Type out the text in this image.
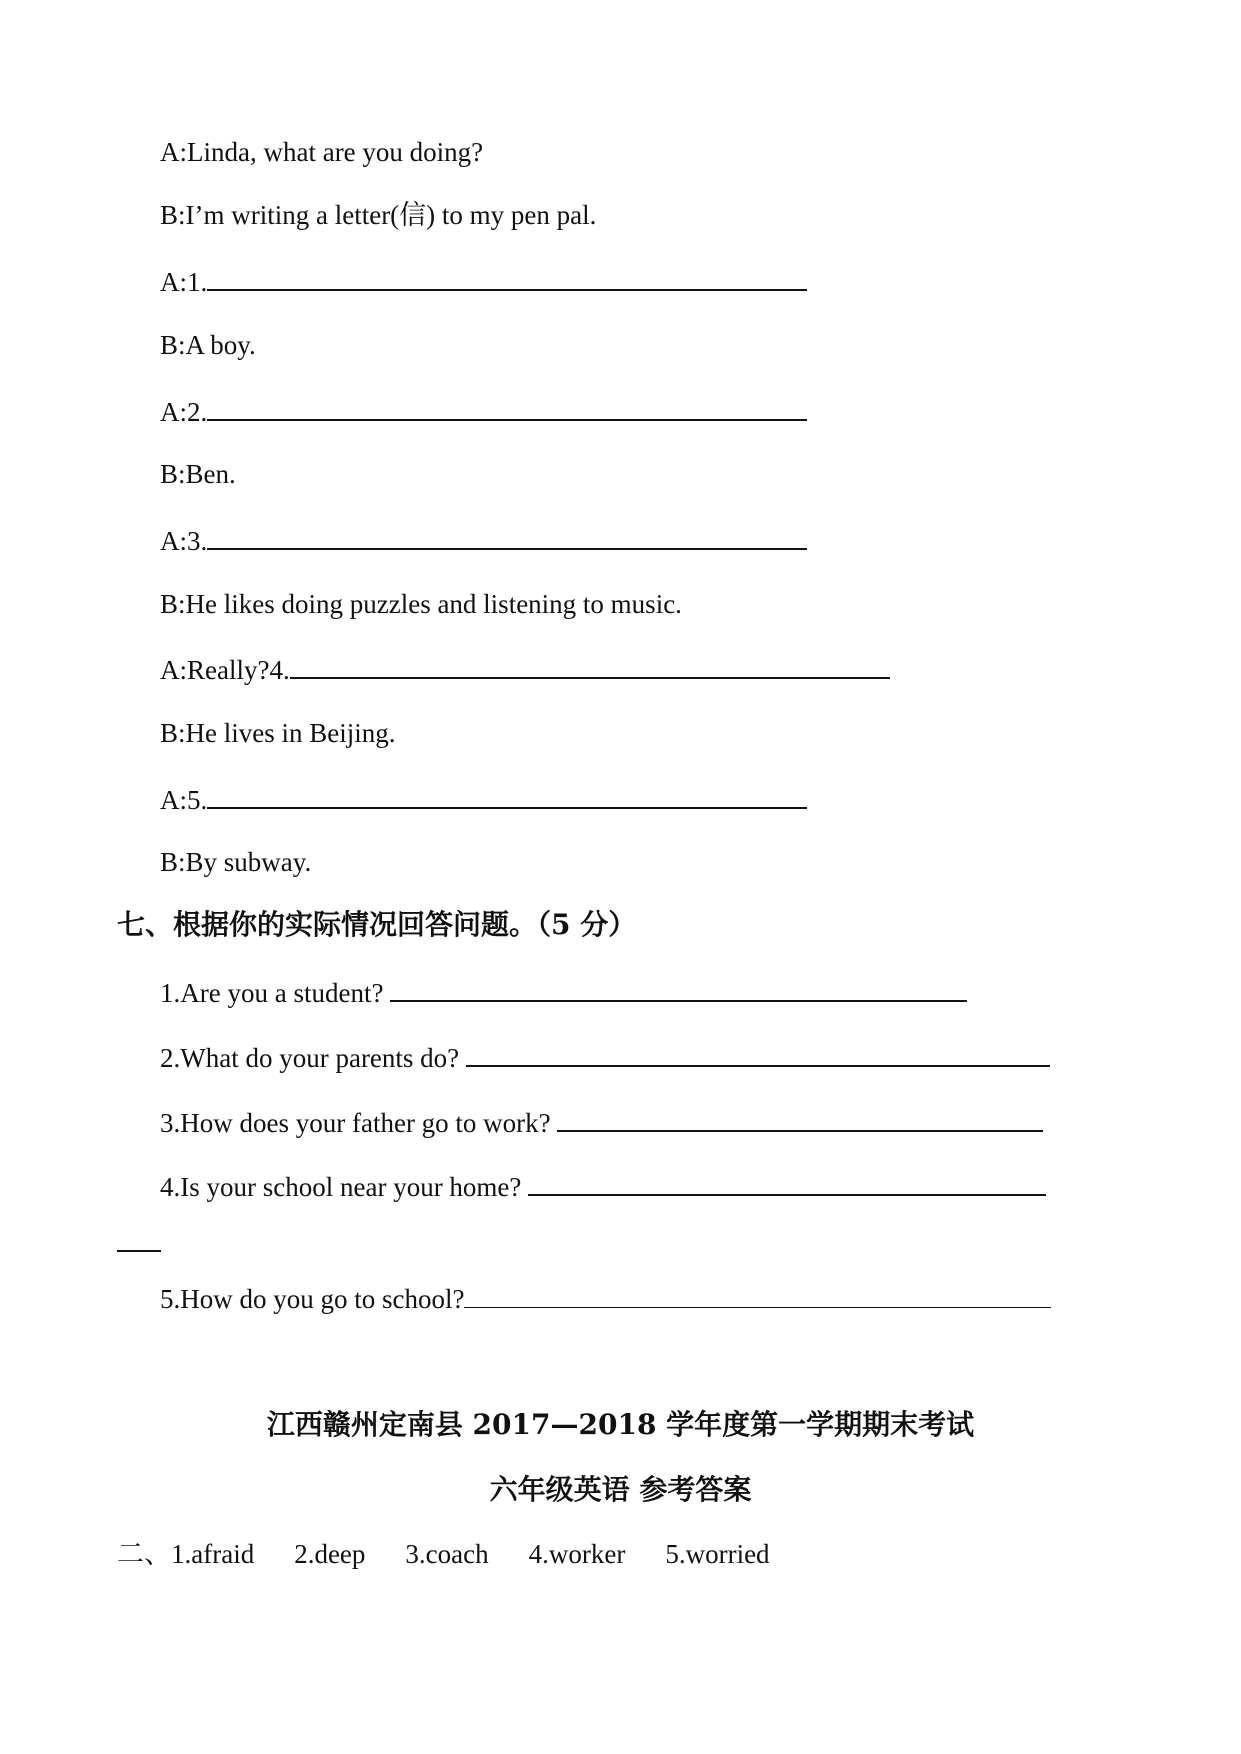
A:Linda, what are you doing?
B:I’m writing a letter(信) to my pen pal.
A:1.
B:A boy.
A:2.
B:Ben.
A:3.
B:He likes doing puzzles and listening to music.
A:Really?4.
B:He lives in Beijing.
A:5.
B:By subway.
七、根据你的实际情况回答问题。（5 分）
1.Are you a student?
2.What do your parents do?
3.How does your father go to work?
4.Is your school near your home?
5.How do you go to school?
江西赣州定南县 2017—2018 学年度第一学期期末考试
六年级英语 参考答案
二、1.afraid 2.deep 3.coach 4.worker 5.worried
